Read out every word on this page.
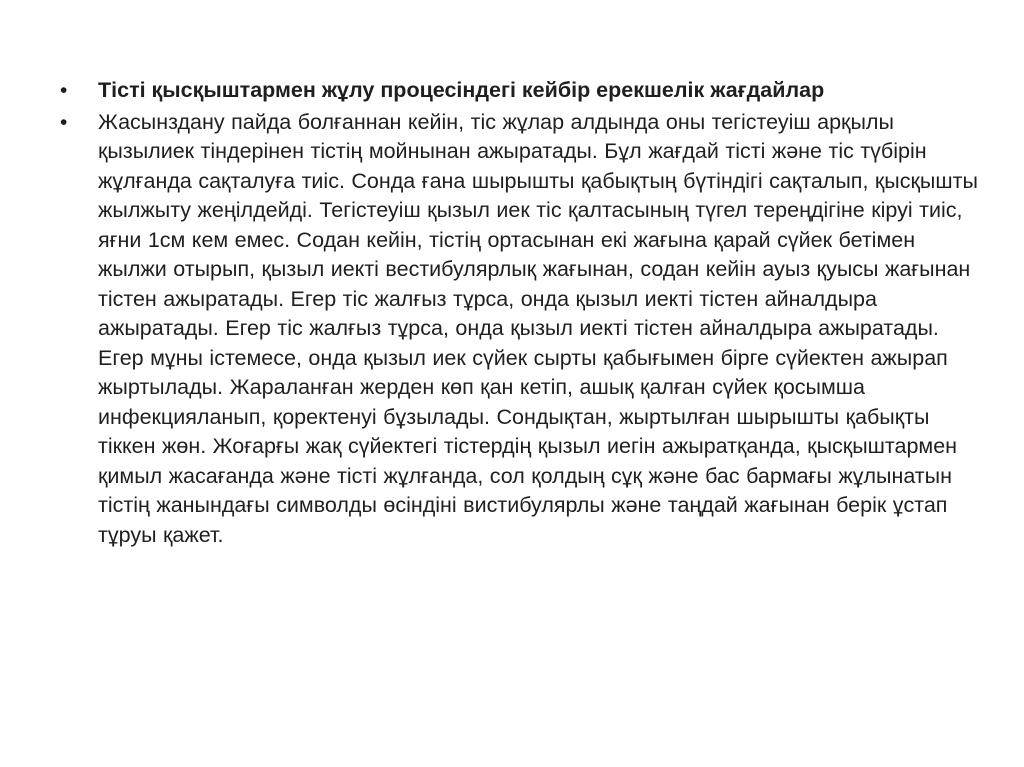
• Тісті қысқыштармен жұлу процесіндегі кейбір ерекшелік жағдайлар
• Жасынздану пайда болғаннан кейін, тіс жұлар алдында оны тегістеуіш арқылы қызылиек тіндерінен тістің мойнынан ажыратады. Бұл жағдай тісті және тіс түбірін жұлғанда сақталуға тиіс. Сонда ғана шырышты қабықтың бүтіндігі сақталып, қысқышты жылжыту жеңілдейді. Тегістеуіш қызыл иек тіс қалтасының түгел тереңдігіне кіруі тиіс, яғни 1см кем емес. Содан кейін, тістің ортасынан екі жағына қарай сүйек бетімен жылжи отырып, қызыл иекті вестибулярлық жағынан, содан кейін ауыз қуысы жағынан тістен ажыратады. Егер тіс жалғыз тұрса, онда қызыл иекті тістен айналдыра ажыратады. Егер тіс жалғыз тұрса, онда қызыл иекті тістен айналдыра ажыратады. Егер мұны істемесе, онда қызыл иек сүйек сырты қабығымен бірге сүйектен ажырап жыртылады. Жараланған жерден көп қан кетіп, ашық қалған сүйек қосымша инфекцияланып, қоректенуі бұзылады. Сондықтан, жыртылған шырышты қабықты тіккен жөн. Жоғарғы жақ сүйектегі тістердің қызыл иегін ажыратқанда, қысқыштармен қимыл жасағанда және тісті жұлғанда, сол қолдың сұқ және бас бармағы жұлынатын тістің жанындағы символды өсіндіні вистибулярлы және таңдай жағынан берік ұстап тұруы қажет.
